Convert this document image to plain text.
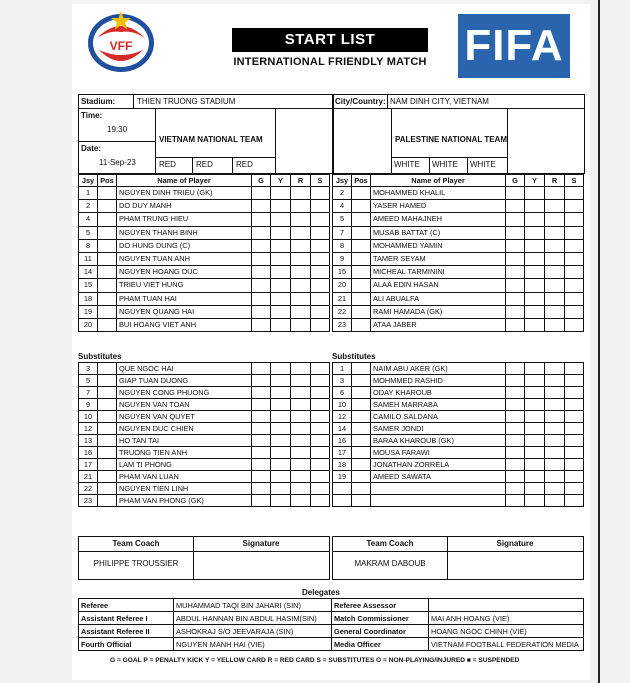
VFF	START LIST
INTERNATIONAL FRIENDLY MATCH FIFA
Stadium:	THIEN TRUONG STADIUM	City/Country: NAM DINH CITY, VIETNAM
Time:
19:30
Date:
11-Sep-23
VIETNAM NATIONAL TEAM	PALESTINE NATIONAL TEAM
RED	RED	RED	WHITE WHITE WHITE
Jsy	Pos	Name of Player	G	Y	R	S
1		NGUYEN DINH TRIEU (GK)				
2		DO DUY MANH				
4		PHAM TRUNG HIEU				
5		NGUYEN THANH BINH				
8		DO HUNG DUNG (C)				
11		NGUYEN TUAN ANH				
14		NGUYEN HOANG DUC				
15		TRIEU VIET HUNG				
18		PHAM TUAN HAI				
19		NGUYEN QUANG HAI				
20		BUI HOANG VIET ANH				
Jsy	Pos	Name of Player	G	Y	R	S
2		MOHAMMED KHALIL				
4		YASER HAMED				
5		AMEED MAHAJNEH				
7		MUSAB BATTAT (C)				
8		MOHAMMED YAMIN				
9		TAMER SEYAM				
15		MICHEAL TARMININI				
20		ALAA EDIN HASAN				
21		ALI ABUALFA				
22		RAMI HAMADA (GK)				
23		ATAA JABER				
Substitutes	Substitutes
3		QUE NGOC HAI				
5		GIAP TUAN DUONG				
7		NGUYEN CONG PHUONG				
9		NGUYEN VAN TOAN				
10		NGUYEN VAN QUYET				
12		NGUYEN DUC CHIEN				
13		HO TAN TAI				
16		TRUONG TIEN ANH				
17		LAM TI PHONG				
21		PHAM VAN LUAN				
22		NGUYEN TIEN LINH				
23		PHAM VAN PHONG (GK)				
1		NAIM ABU AKER (GK)				
3		MOHMMED RASHID				
6		ODAY KHAROUB				
10		SAMEH MARRABA				
12		CAMILO SALDANA				
14		SAMER JONDI				
16		BARAA KHAROUB (GK)				
17		MOUSA FARAWI				
18		JONATHAN ZORRELA				
19		AMEED SAWATA				

Team Coach	Signature
PHILIPPE TROUSSIER
Team Coach	Signature
MAKRAM DABOUB
Delegates
Referee	MUHAMMAD TAQI BIN JAHARI (SIN)	Referee Assessor	
Assistant Referee I	ABDUL HANNAN BIN ABDUL HASIM(SIN)	Match Commissioner	MAI ANH HOANG (VIE)
Assistant Referee II	ASHOKRAJ S/O JEEVARAJA (SIN)	General Coordinator	HOANG NGOC CHINH (VIE)
Fourth Official	NGUYEN MANH HAI (VIE)	Media Officer	VIETNAM FOOTBALL FEDERATION MEDIA
G = GOAL P = PENALTY KICK Y = YELLOW CARD R = RED CARD S = SUBSTITUTES O = NON-PLAYING/INJURED ■ = SUSPENDED
